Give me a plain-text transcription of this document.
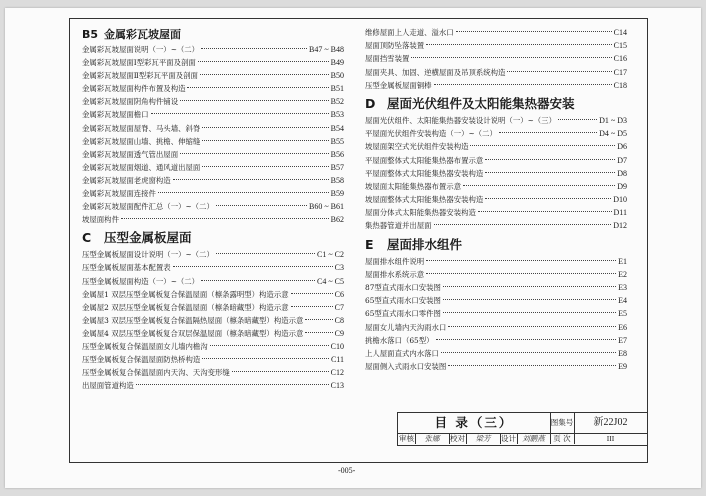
B5 金属彩瓦坡屋面
金属彩瓦坡屋面说明（一）~（二）	B47 ~ B48
金属彩瓦坡屋面Ⅰ型彩瓦平面及剖面	B49
金属彩瓦坡屋面Ⅱ型彩瓦平面及剖面	B50
金属彩瓦坡屋面构件布置及构造	B51
金属彩瓦坡屋面阴角构件铺设	B52
金属彩瓦坡屋面檐口	B53
金属彩瓦坡屋面屋脊、马头墙、斜脊	B54
金属彩瓦坡屋面山墙、挑檐、伸缩缝	B55
金属彩瓦坡屋面透气管出屋面	B56
金属彩瓦坡屋面烟道、通风道出屋面	B57
金属彩瓦坡屋面老虎窗构造	B58
金属彩瓦坡屋面连接件	B59
金属彩瓦坡屋面配件汇总（一）~（二）	B60 ~ B61
坡屋面构件	B62
C 压型金属板屋面
压型金属板屋面设计说明（一）~（二）	C1 ~ C2
压型金属板屋面基本配置表	C3
压型金属板屋面构造（一）~（二）	C4 ~ C5
金属屋1 双层压型金属板复合保温屋面（檩条露明型）构造示意	C6
金属屋2 双层压型金属板复合保温屋面（檩条暗藏型）构造示意	C7
金属屋3 双层压型金属板复合保温隔热屋面（檩条暗藏型）构造示意	C8
金属屋4 双层压型金属板复合双层保温屋面（檩条暗藏型）构造示意	C9
压型金属板复合保温屋面女儿墙内檐沟	C10
压型金属板复合保温屋面防热桥构造	C11
压型金属板复合保温屋面内天沟、天沟变形缝	C12
出屋面管道构造	C13
维修屋面上人走道、溢水口	C14
屋面顶防坠落装置	C15
屋面挡雪装置	C16
屋面夹具、加固、逆横屋面及吊顶系统构造	C17
压型金属板屋面铜棒	C18
D 屋面光伏组件及太阳能集热器安装
屋面光伏组件、太阳能集热器安装设计说明（一）~（三）	D1 ~ D3
平屋面光伏组件安装构造（一）~（二）	D4 ~ D5
坡屋面架空式光伏组件安装构造	D6
平屋面整体式太阳能集热器布置示意	D7
平屋面整体式太阳能集热器安装构造	D8
坡屋面太阳能集热器布置示意	D9
坡屋面整体式太阳能集热器安装构造	D10
屋面分体式太阳能集热器安装构造	D11
集热器管道并出屋面	D12
E 屋面排水组件
屋面排水组件说明	E1
屋面排水系统示意	E2
87型直式雨水口安装图	E3
65型直式雨水口安装图	E4
65型直式雨水口零件图	E5
屋面女儿墙内天沟雨水口	E6
挑檐水落口（65型）	E7
上人屋面直式内水落口	E8
屋面侧入式雨水口安装图	E9
目 录（三）	图集号	新22J02
审核	张娜	校对	梁芳	设计 刘鹏燕	页 次	III
-005-
